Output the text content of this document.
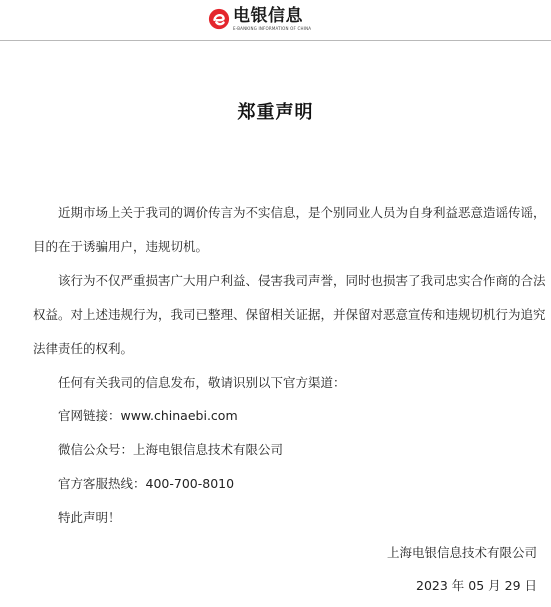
电银信息
E-BANKING INFORMATION OF CHINA
郑重声明
近期市场上关于我司的调价传言为不实信息，是个别同业人员为自身利益恶意造谣传谣，
目的在于诱骗用户，违规切机。
该行为不仅严重损害广大用户利益、侵害我司声誉，同时也损害了我司忠实合作商的合法
权益。对上述违规行为，我司已整理、保留相关证据，并保留对恶意宣传和违规切机行为追究
法律责任的权利。
任何有关我司的信息发布，敬请识别以下官方渠道：
官网链接：www.chinaebi.com
微信公众号：上海电银信息技术有限公司
官方客服热线：400-700-8010
特此声明！
上海电银信息技术有限公司
2023 年 05 月 29 日
